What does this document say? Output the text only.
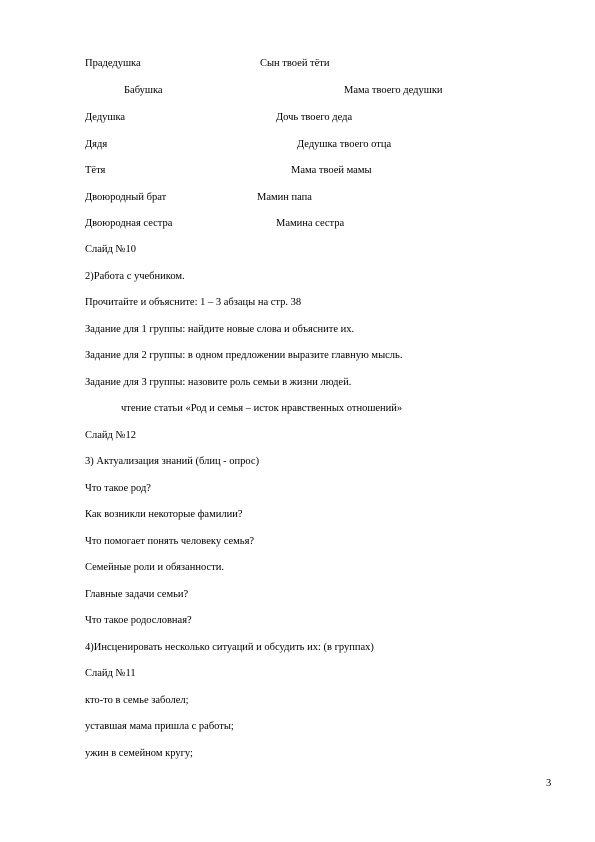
Прадедушка	Сын твоей тёти
Бабушка	Мама твоего дедушки
Дедушка	Дочь твоего деда
Дядя	Дедушка твоего отца
Тётя	Мама твоей мамы
Двоюродный брат	Мамин папа
Двоюродная сестра	Мамина сестра
Слайд №10
2)Работа с учебником.
Прочитайте и объясните: 1 – 3 абзацы на стр. 38
Задание для 1 группы: найдите новые слова и объясните их.
Задание для 2 группы: в одном предложении выразите главную мысль.
Задание для 3 группы: назовите роль семьи в жизни людей.
чтение статьи «Род и семья – исток нравственных отношений»
Слайд №12
3) Актуализация знаний (блиц - опрос)
Что такое род?
Как возникли некоторые фамилии?
Что помогает понять человеку семья?
Семейные роли и обязанности.
Главные задачи семьи?
Что такое родословная?
4)Инсценировать несколько ситуаций и обсудить их: (в группах)
Слайд №11
кто-то в семье заболел;
уставшая мама пришла с работы;
ужин в семейном кругу;
3
